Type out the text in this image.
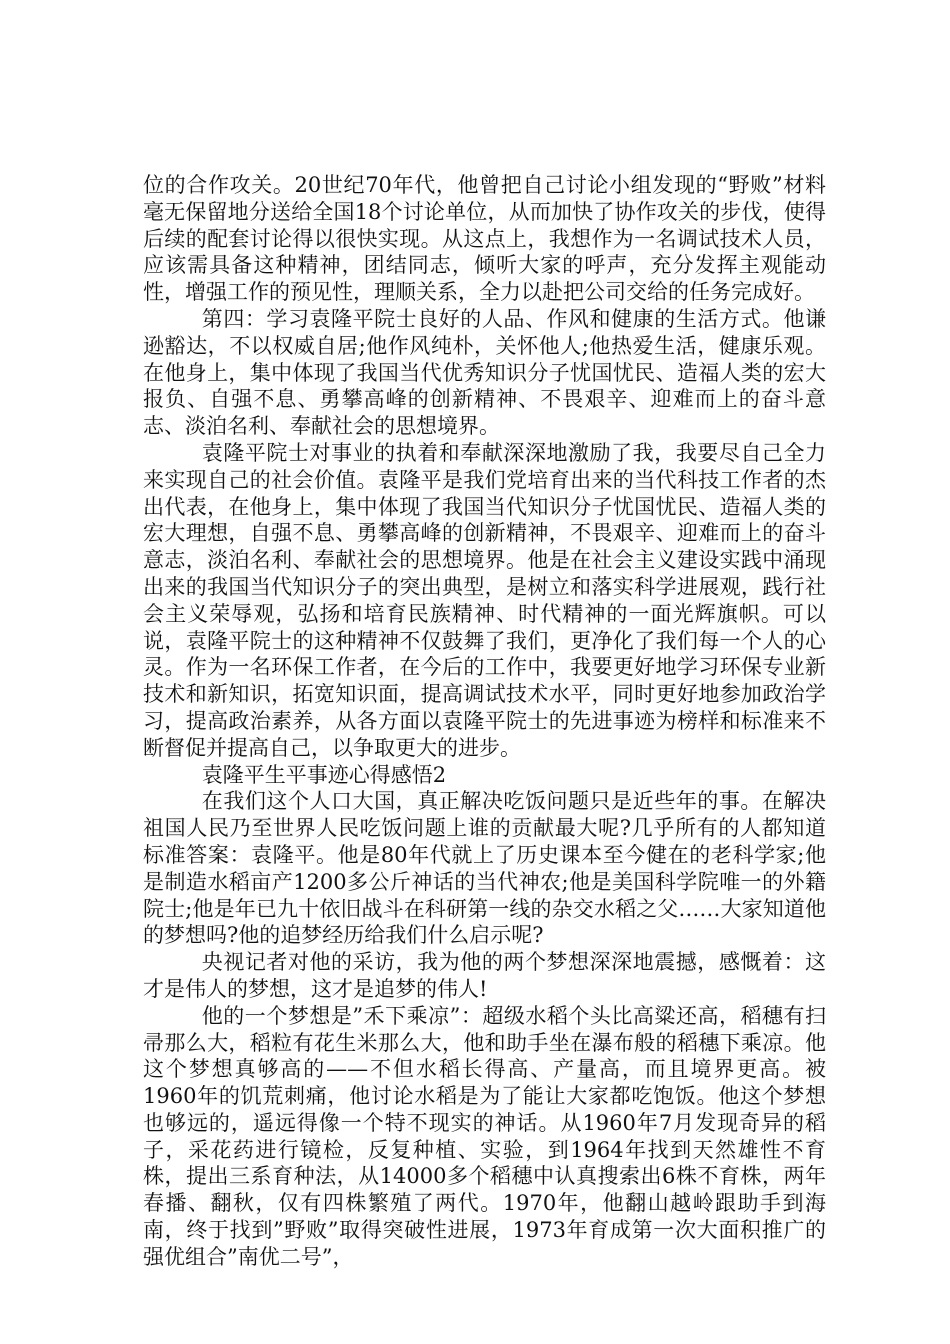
位的合作攻关。20世纪70年代，他曾把自己讨论小组发现的“野败”材料毫无保留地分送给全国18个讨论单位，从而加快了协作攻关的步伐，使得后续的配套讨论得以很快实现。从这点上，我想作为一名调试技术人员，应该需具备这种精神，团结同志，倾听大家的呼声，充分发挥主观能动性，增强工作的预见性，理顺关系，全力以赴把公司交给的任务完成好。

第四：学习袁隆平院士良好的人品、作风和健康的生活方式。他谦逊豁达，不以权威自居;他作风纯朴，关怀他人;他热爱生活，健康乐观。在他身上，集中体现了我国当代优秀知识分子忧国忧民、造福人类的宏大报负、自强不息、勇攀高峰的创新精神、不畏艰辛、迎难而上的奋斗意志、淡泊名利、奉献社会的思想境界。

袁隆平院士对事业的执着和奉献深深地激励了我，我要尽自己全力来实现自己的社会价值。袁隆平是我们党培育出来的当代科技工作者的杰出代表，在他身上，集中体现了我国当代知识分子忧国忧民、造福人类的宏大理想，自强不息、勇攀高峰的创新精神，不畏艰辛、迎难而上的奋斗意志，淡泊名利、奉献社会的思想境界。他是在社会主义建设实践中涌现出来的我国当代知识分子的突出典型，是树立和落实科学进展观，践行社会主义荣辱观，弘扬和培育民族精神、时代精神的一面光辉旗帜。可以说，袁隆平院士的这种精神不仅鼓舞了我们，更净化了我们每一个人的心灵。作为一名环保工作者，在今后的工作中，我要更好地学习环保专业新技术和新知识，拓宽知识面，提高调试技术水平，同时更好地参加政治学习，提高政治素养，从各方面以袁隆平院士的先进事迹为榜样和标准来不断督促并提高自己，以争取更大的进步。

袁隆平生平事迹心得感悟2

在我们这个人口大国，真正解决吃饭问题只是近些年的事。在解决祖国人民乃至世界人民吃饭问题上谁的贡献最大呢?几乎所有的人都知道标准答案：袁隆平。他是80年代就上了历史课本至今健在的老科学家;他是制造水稻亩产1200多公斤神话的当代神农;他是美国科学院唯一的外籍院士;他是年已九十依旧战斗在科研第一线的杂交水稻之父……大家知道他的梦想吗?他的追梦经历给我们什么启示呢?

央视记者对他的采访，我为他的两个梦想深深地震撼，感慨着：这才是伟人的梦想，这才是追梦的伟人!

他的一个梦想是”禾下乘凉”：超级水稻个头比高粱还高，稻穗有扫帚那么大，稻粒有花生米那么大，他和助手坐在瀑布般的稻穗下乘凉。他这个梦想真够高的——不但水稻长得高、产量高，而且境界更高。被1960年的饥荒刺痛，他讨论水稻是为了能让大家都吃饱饭。他这个梦想也够远的，遥远得像一个特不现实的神话。从1960年7月发现奇异的稻子，采花药进行镜检，反复种植、实验，到1964年找到天然雄性不育株，提出三系育种法，从14000多个稻穗中认真搜索出6株不育株，两年春播、翻秋，仅有四株繁殖了两代。1970年，他翻山越岭跟助手到海南，终于找到”野败”取得突破性进展，1973年育成第一次大面积推广的强优组合”南优二号”，
